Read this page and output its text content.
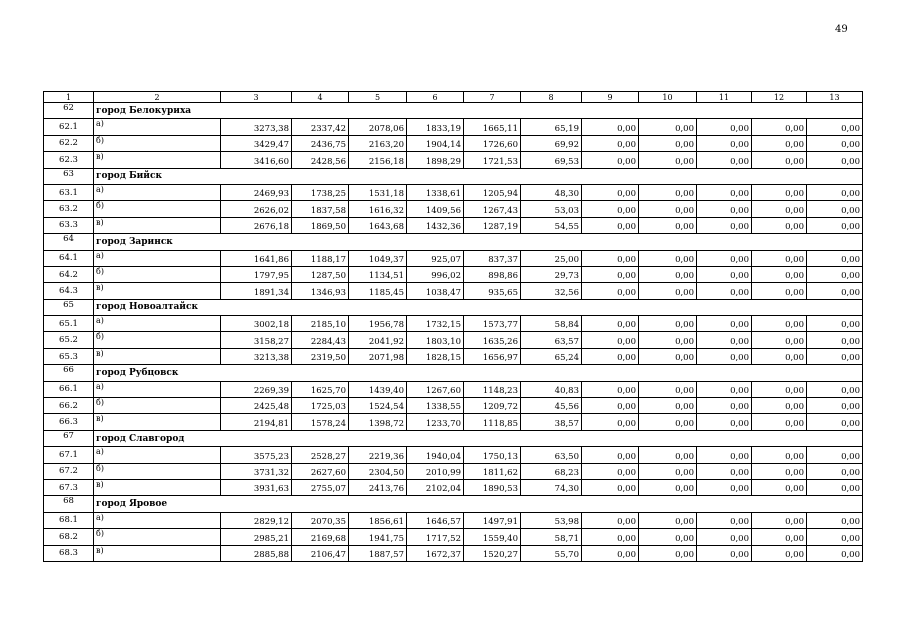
49
1	2	3	4	5	6	7	8	9	10	11	12	13
62	город Белокуриха											
62.1	а)	3273,38	2337,42	2078,06	1833,19	1665,11	65,19	0,00	0,00	0,00	0,00	0,00
62.2	б)	3429,47	2436,75	2163,20	1904,14	1726,60	69,92	0,00	0,00	0,00	0,00	0,00
62.3	в)	3416,60	2428,56	2156,18	1898,29	1721,53	69,53	0,00	0,00	0,00	0,00	0,00
63	город Бийск											
63.1	а)	2469,93	1738,25	1531,18	1338,61	1205,94	48,30	0,00	0,00	0,00	0,00	0,00
63.2	б)	2626,02	1837,58	1616,32	1409,56	1267,43	53,03	0,00	0,00	0,00	0,00	0,00
63.3	в)	2676,18	1869,50	1643,68	1432,36	1287,19	54,55	0,00	0,00	0,00	0,00	0,00
64	город Заринск											
64.1	а)	1641,86	1188,17	1049,37	925,07	837,37	25,00	0,00	0,00	0,00	0,00	0,00
64.2	б)	1797,95	1287,50	1134,51	996,02	898,86	29,73	0,00	0,00	0,00	0,00	0,00
64.3	в)	1891,34	1346,93	1185,45	1038,47	935,65	32,56	0,00	0,00	0,00	0,00	0,00
65	город Новоалтайск											
65.1	а)	3002,18	2185,10	1956,78	1732,15	1573,77	58,84	0,00	0,00	0,00	0,00	0,00
65.2	б)	3158,27	2284,43	2041,92	1803,10	1635,26	63,57	0,00	0,00	0,00	0,00	0,00
65.3	в)	3213,38	2319,50	2071,98	1828,15	1656,97	65,24	0,00	0,00	0,00	0,00	0,00
66	город Рубцовск											
66.1	а)	2269,39	1625,70	1439,40	1267,60	1148,23	40,83	0,00	0,00	0,00	0,00	0,00
66.2	б)	2425,48	1725,03	1524,54	1338,55	1209,72	45,56	0,00	0,00	0,00	0,00	0,00
66.3	в)	2194,81	1578,24	1398,72	1233,70	1118,85	38,57	0,00	0,00	0,00	0,00	0,00
67	город Славгород											
67.1	а)	3575,23	2528,27	2219,36	1940,04	1750,13	63,50	0,00	0,00	0,00	0,00	0,00
67.2	б)	3731,32	2627,60	2304,50	2010,99	1811,62	68,23	0,00	0,00	0,00	0,00	0,00
67.3	в)	3931,63	2755,07	2413,76	2102,04	1890,53	74,30	0,00	0,00	0,00	0,00	0,00
68	город Яровое											
68.1	а)	2829,12	2070,35	1856,61	1646,57	1497,91	53,98	0,00	0,00	0,00	0,00	0,00
68.2	б)	2985,21	2169,68	1941,75	1717,52	1559,40	58,71	0,00	0,00	0,00	0,00	0,00
68.3	в)	2885,88	2106,47	1887,57	1672,37	1520,27	55,70	0,00	0,00	0,00	0,00	0,00
